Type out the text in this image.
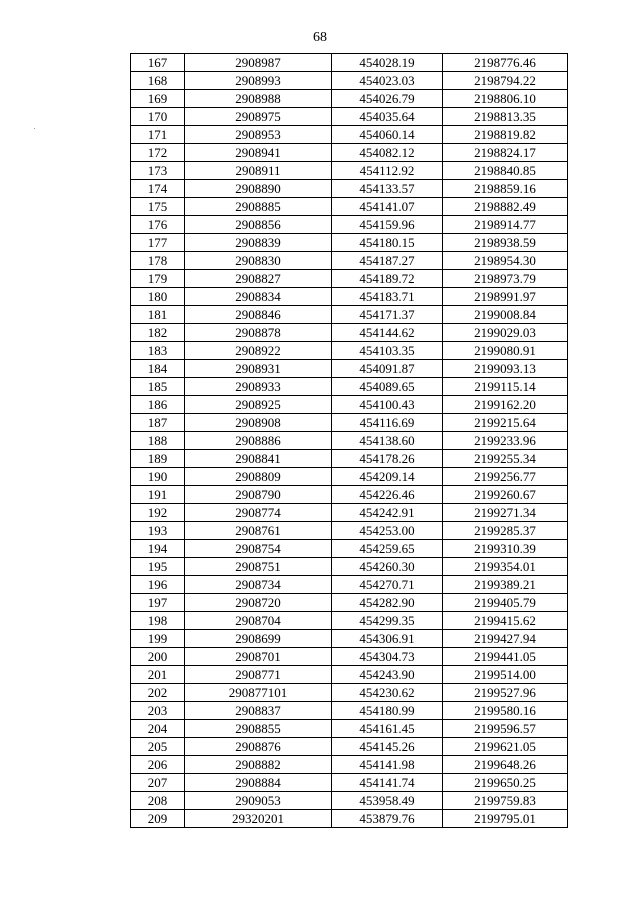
68
167	2908987	454028.19	2198776.46
168	2908993	454023.03	2198794.22
169	2908988	454026.79	2198806.10
170	2908975	454035.64	2198813.35
171	2908953	454060.14	2198819.82
172	2908941	454082.12	2198824.17
173	2908911	454112.92	2198840.85
174	2908890	454133.57	2198859.16
175	2908885	454141.07	2198882.49
176	2908856	454159.96	2198914.77
177	2908839	454180.15	2198938.59
178	2908830	454187.27	2198954.30
179	2908827	454189.72	2198973.79
180	2908834	454183.71	2198991.97
181	2908846	454171.37	2199008.84
182	2908878	454144.62	2199029.03
183	2908922	454103.35	2199080.91
184	2908931	454091.87	2199093.13
185	2908933	454089.65	2199115.14
186	2908925	454100.43	2199162.20
187	2908908	454116.69	2199215.64
188	2908886	454138.60	2199233.96
189	2908841	454178.26	2199255.34
190	2908809	454209.14	2199256.77
191	2908790	454226.46	2199260.67
192	2908774	454242.91	2199271.34
193	2908761	454253.00	2199285.37
194	2908754	454259.65	2199310.39
195	2908751	454260.30	2199354.01
196	2908734	454270.71	2199389.21
197	2908720	454282.90	2199405.79
198	2908704	454299.35	2199415.62
199	2908699	454306.91	2199427.94
200	2908701	454304.73	2199441.05
201	2908771	454243.90	2199514.00
202	290877101	454230.62	2199527.96
203	2908837	454180.99	2199580.16
204	2908855	454161.45	2199596.57
205	2908876	454145.26	2199621.05
206	2908882	454141.98	2199648.26
207	2908884	454141.74	2199650.25
208	2909053	453958.49	2199759.83
209	29320201	453879.76	2199795.01
